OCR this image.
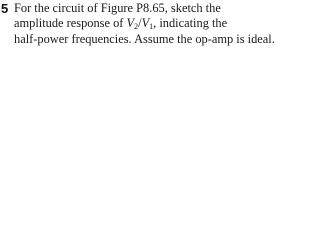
5 For the circuit of Figure P8.65, sketch the
amplitude response of $V_2/V_1$, indicating the
half-power frequencies. Assume the op-amp is ideal.
